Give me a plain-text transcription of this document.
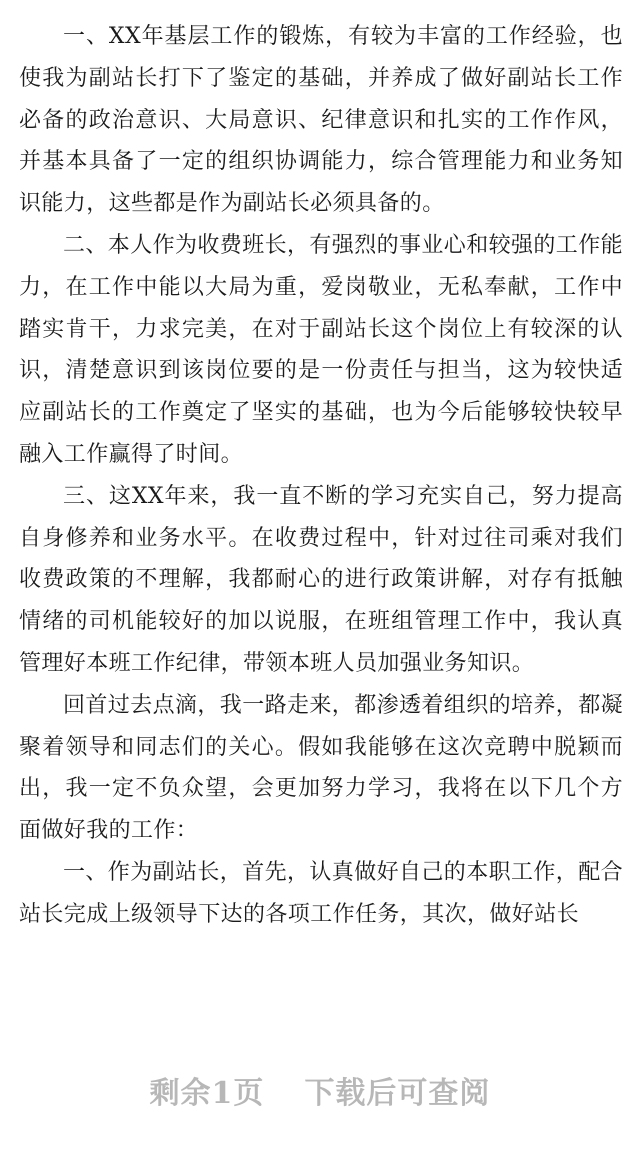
一、XX年基层工作的锻炼，有较为丰富的工作经验，也使我为副站长打下了鉴定的基础，并养成了做好副站长工作必备的政治意识、大局意识、纪律意识和扎实的工作作风，并基本具备了一定的组织协调能力，综合管理能力和业务知识能力，这些都是作为副站长必须具备的。

二、本人作为收费班长，有强烈的事业心和较强的工作能力，在工作中能以大局为重，爱岗敬业，无私奉献，工作中踏实肯干，力求完美，在对于副站长这个岗位上有较深的认识，清楚意识到该岗位要的是一份责任与担当，这为较快适应副站长的工作奠定了坚实的基础，也为今后能够较快较早融入工作赢得了时间。

三、这XX年来，我一直不断的学习充实自己，努力提高自身修养和业务水平。在收费过程中，针对过往司乘对我们收费政策的不理解，我都耐心的进行政策讲解，对存有抵触情绪的司机能较好的加以说服，在班组管理工作中，我认真管理好本班工作纪律，带领本班人员加强业务知识。

回首过去点滴，我一路走来，都渗透着组织的培养，都凝聚着领导和同志们的关心。假如我能够在这次竞聘中脱颖而出，我一定不负众望，会更加努力学习，我将在以下几个方面做好我的工作：

一、作为副站长，首先，认真做好自己的本职工作，配合站长完成上级领导下达的各项工作任务，其次，做好站长

剩余1页 下载后可查阅
